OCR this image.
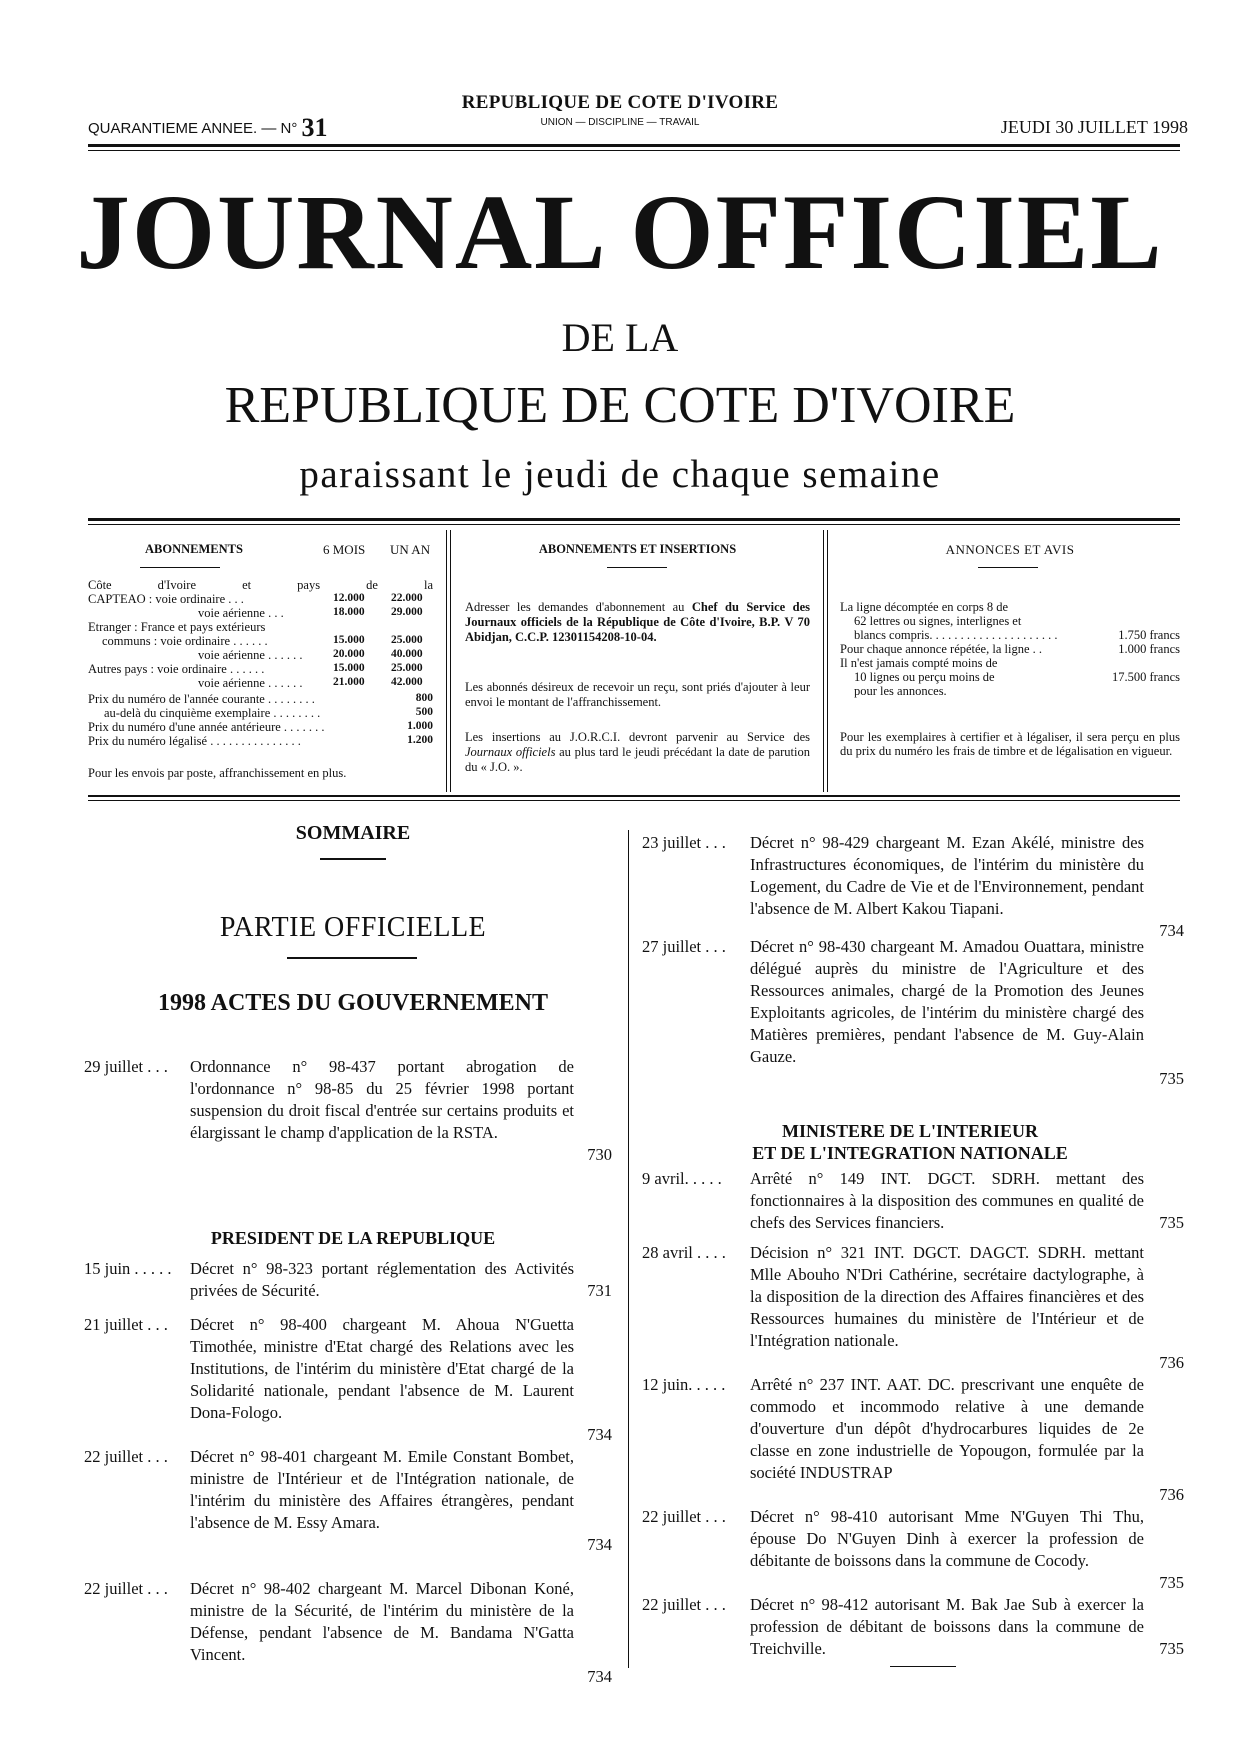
QUARANTIEME ANNEE. — N° 31
REPUBLIQUE DE COTE D'IVOIRE
UNION — DISCIPLINE — TRAVAIL	JEUDI 30 JUILLET 1998
JOURNAL OFFICIEL
DE LA
REPUBLIQUE DE COTE D'IVOIRE
paraissant le jeudi de chaque semaine
ABONNEMENTS	6 MOIS UN AN
Côte d'Ivoire et pays de la
CAPTEAO : voie ordinaire . . .	12.000 22.000
voie aérienne . . .	18.000 29.000
Etranger : France et pays extérieurs
communs : voie ordinaire . . . . . .	15.000 25.000
voie aérienne . . . . . .	20.000 40.000
Autres pays : voie ordinaire . . . . . .	15.000 25.000
voie aérienne . . . . . .	21.000 42.000
Prix du numéro de l'année courante . . . . . . . .	800
au-delà du cinquième exemplaire . . . . . . . .	500
Prix du numéro d'une année antérieure . . . . . . .	1.000
Prix du numéro légalisé . . . . . . . . . . . . . . .	1.200
Pour les envois par poste, affranchissement en plus.
ABONNEMENTS ET INSERTIONS
Adresser les demandes d'abonnement au Chef du Service des Journaux officiels de la République de Côte d'Ivoire, B.P. V 70 Abidjan, C.C.P. 12301154208-10-04.
Les abonnés désireux de recevoir un reçu, sont priés d'ajouter à leur envoi le montant de l'affranchissement.
Les insertions au J.O.R.C.I. devront parvenir au Service des Journaux officiels au plus tard le jeudi précédant la date de parution du « J.O. ».
ANNONCES ET AVIS
La ligne décomptée en corps 8 de
62 lettres ou signes, interlignes et
blancs compris. . . . . . . . . . . . . . . . . . . . .	1.750 francs
Pour chaque annonce répétée, la ligne . .	1.000 francs
Il n'est jamais compté moins de
10 lignes ou perçu moins de	17.500 francs
pour les annonces.
Pour les exemplaires à certifier et à légaliser, il sera perçu en plus du prix du numéro les frais de timbre et de légalisation en vigueur.
SOMMAIRE
PARTIE OFFICIELLE
1998 ACTES DU GOUVERNEMENT
PRESIDENT DE LA REPUBLIQUE
MINISTERE DE L'INTERIEUR
ET DE L'INTEGRATION NATIONALE
29 juillet . . . Ordonnance n° 98-437 portant abrogation de l'ordonnance n° 98-85 du 25 février 1998 portant suspension du droit fiscal d'entrée sur certains produits et élargissant le champ d'application de la RSTA.
730
15 juin . . . . . Décret n° 98-323 portant réglementation des Activités privées de Sécurité.	731
21 juillet . . . Décret n° 98-400 chargeant M. Ahoua N'Guetta Timothée, ministre d'Etat chargé des Relations avec les Institutions, de l'intérim du ministère d'Etat chargé de la Solidarité nationale, pendant l'absence de M. Laurent Dona-Fologo.
734
22 juillet . . . Décret n° 98-401 chargeant M. Emile Constant Bombet, ministre de l'Intérieur et de l'Intégration nationale, de l'intérim du ministère des Affaires étrangères, pendant l'absence de M. Essy Amara.
734
22 juillet . . . Décret n° 98-402 chargeant M. Marcel Dibonan Koné, ministre de la Sécurité, de l'intérim du ministère de la Défense, pendant l'absence de M. Bandama N'Gatta Vincent.
734
23 juillet . . . Décret n° 98-429 chargeant M. Ezan Akélé, ministre des Infrastructures économiques, de l'intérim du ministère du Logement, du Cadre de Vie et de l'Environnement, pendant l'absence de M. Albert Kakou Tiapani.
734
27 juillet . . . Décret n° 98-430 chargeant M. Amadou Ouattara, ministre délégué auprès du ministre de l'Agriculture et des Ressources animales, chargé de la Promotion des Jeunes Exploitants agricoles, de l'intérim du ministère chargé des Matières premières, pendant l'absence de M. Guy-Alain Gauze.
735
9 avril. . . . . Arrêté n° 149 INT. DGCT. SDRH. mettant des fonctionnaires à la disposition des communes en qualité de chefs des Services financiers.	735
28 avril . . . . Décision n° 321 INT. DGCT. DAGCT. SDRH. mettant Mlle Abouho N'Dri Cathérine, secrétaire dactylographe, à la disposition de la direction des Affaires financières et des Ressources humaines du ministère de l'Intérieur et de l'Intégration nationale.
736
12 juin. . . . . Arrêté n° 237 INT. AAT. DC. prescrivant une enquête de commodo et incommodo relative à une demande d'ouverture d'un dépôt d'hydrocarbures liquides de 2e classe en zone industrielle de Yopougon, formulée par la société INDUSTRAP
736
22 juillet . . . Décret n° 98-410 autorisant Mme N'Guyen Thi Thu, épouse Do N'Guyen Dinh à exercer la profession de débitante de boissons dans la commune de Cocody.
735
22 juillet . . . Décret n° 98-412 autorisant M. Bak Jae Sub à exercer la profession de débitant de boissons dans la commune de Treichville.	735
